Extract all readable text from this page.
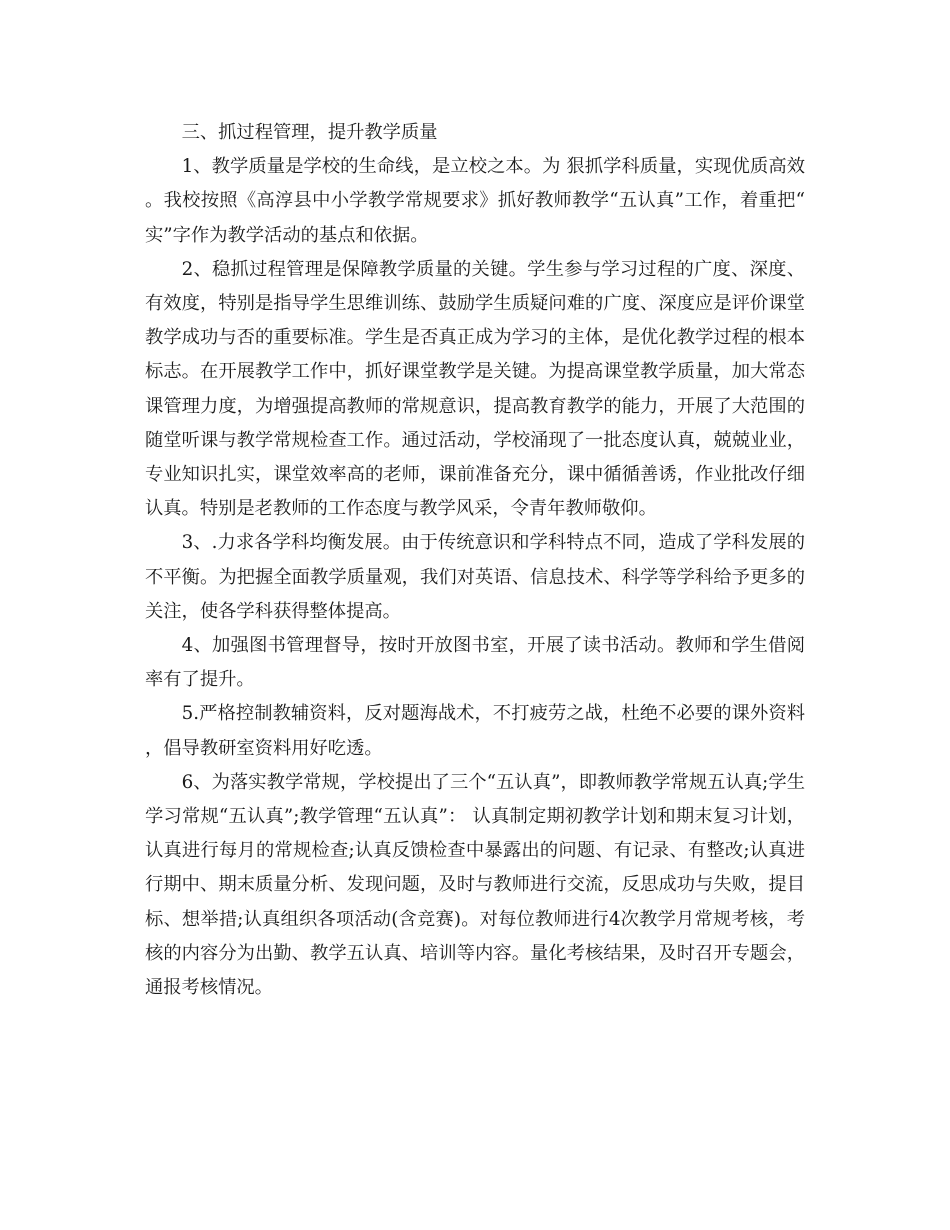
三、抓过程管理，提升教学质量

1、教学质量是学校的生命线，是立校之本。为 狠抓学科质量，实现优质高效。我校按照《高淳县中小学教学常规要求》抓好教师教学“五认真”工作，着重把“实”字作为教学活动的基点和依据。

2、稳抓过程管理是保障教学质量的关键。学生参与学习过程的广度、深度、有效度，特别是指导学生思维训练、鼓励学生质疑问难的广度、深度应是评价课堂教学成功与否的重要标准。学生是否真正成为学习的主体，是优化教学过程的根本标志。在开展教学工作中，抓好课堂教学是关键。为提高课堂教学质量，加大常态课管理力度，为增强提高教师的常规意识，提高教育教学的能力，开展了大范围的随堂听课与教学常规检查工作。通过活动，学校涌现了一批态度认真，兢兢业业，专业知识扎实，课堂效率高的老师，课前准备充分，课中循循善诱，作业批改仔细认真。特别是老教师的工作态度与教学风采，令青年教师敬仰。

3、.力求各学科均衡发展。由于传统意识和学科特点不同，造成了学科发展的不平衡。为把握全面教学质量观，我们对英语、信息技术、科学等学科给予更多的关注，使各学科获得整体提高。

4、加强图书管理督导，按时开放图书室，开展了读书活动。教师和学生借阅率有了提升。

5.严格控制教辅资料，反对题海战术，不打疲劳之战，杜绝不必要的课外资料，倡导教研室资料用好吃透。

6、为落实教学常规，学校提出了三个“五认真”，即教师教学常规五认真;学生学习常规“五认真”;教学管理“五认真”： 认真制定期初教学计划和期末复习计划，认真进行每月的常规检查;认真反馈检查中暴露出的问题、有记录、有整改;认真进行期中、期末质量分析、发现问题，及时与教师进行交流，反思成功与失败，提目标、想举措;认真组织各项活动(含竞赛)。对每位教师进行4次教学月常规考核，考核的内容分为出勤、教学五认真、培训等内容。量化考核结果，及时召开专题会，通报考核情况。
